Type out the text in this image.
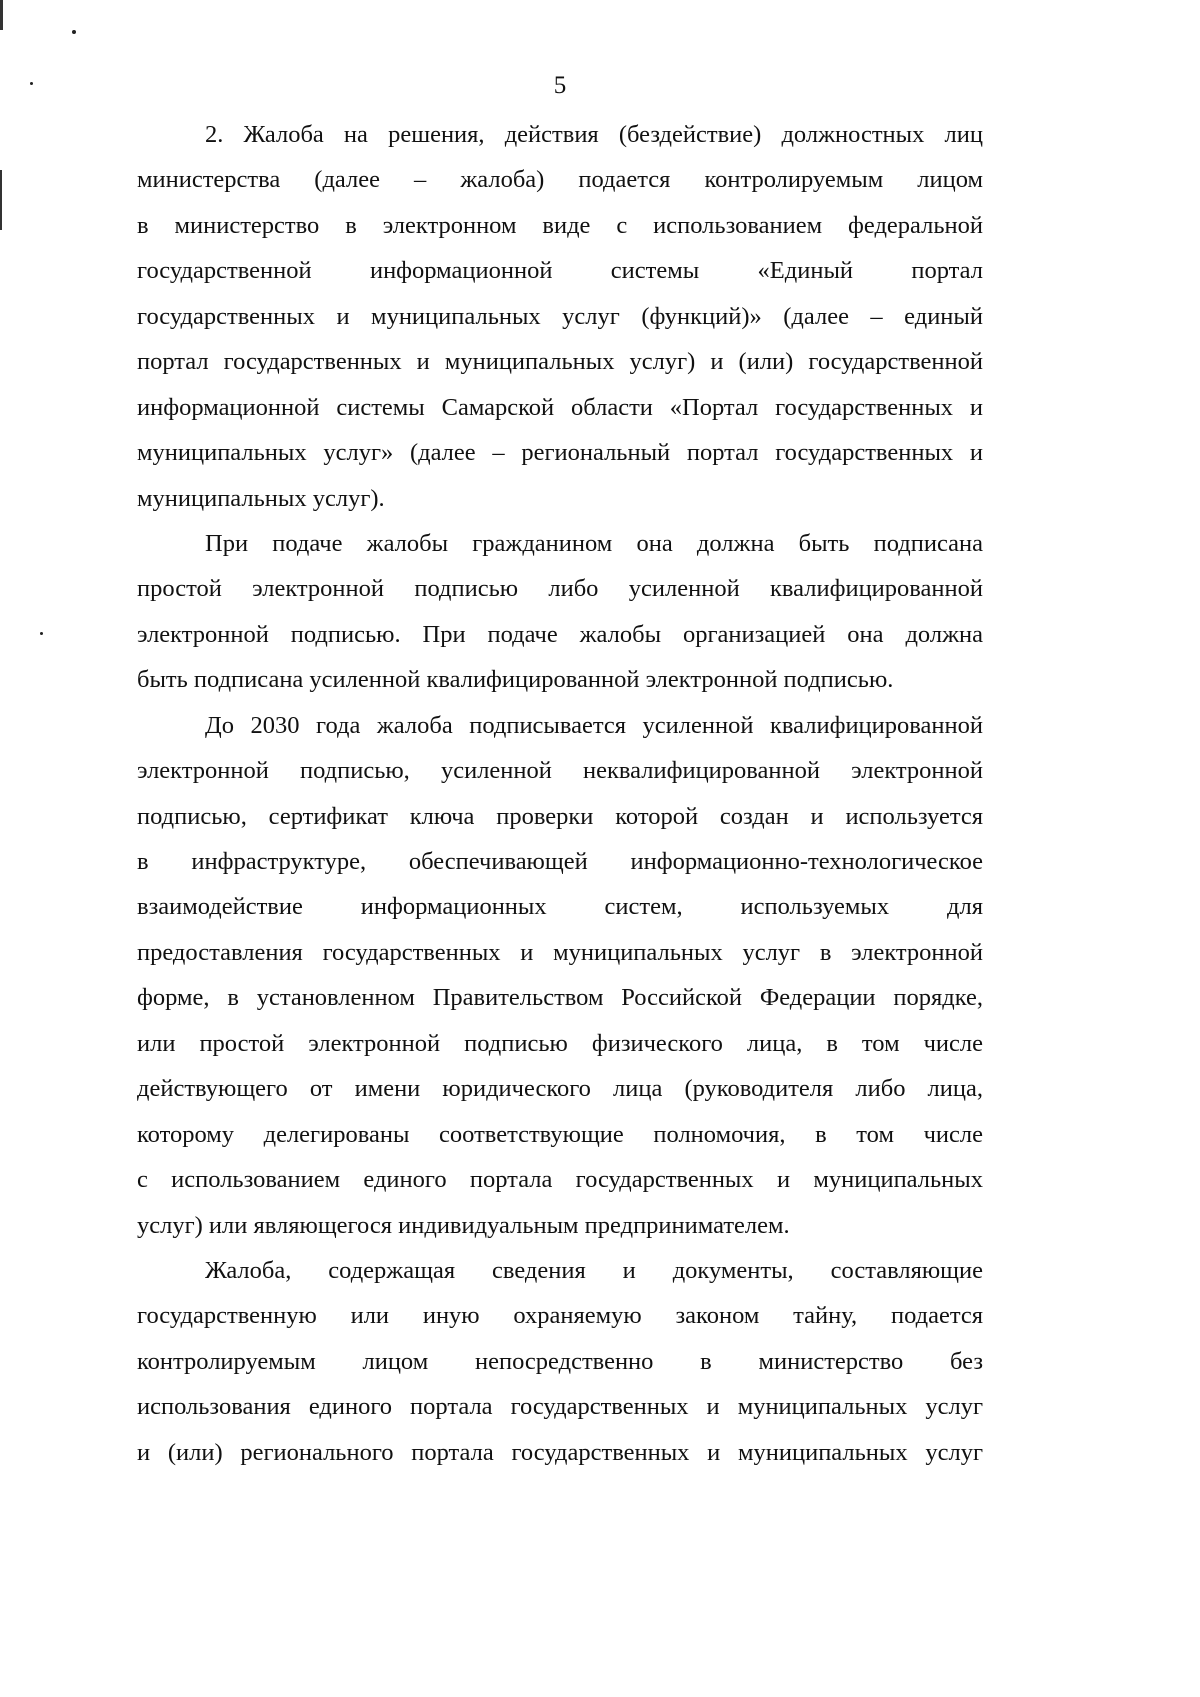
5
2. Жалоба на решения, действия (бездействие) должностных лиц
министерства (далее – жалоба) подается контролируемым лицом
в министерство в электронном виде с использованием федеральной
государственной информационной системы «Единый портал
государственных и муниципальных услуг (функций)» (далее – единый
портал государственных и муниципальных услуг) и (или) государственной
информационной системы Самарской области «Портал государственных и
муниципальных услуг» (далее – региональный портал государственных и
муниципальных услуг).
При подаче жалобы гражданином она должна быть подписана
простой электронной подписью либо усиленной квалифицированной
электронной подписью. При подаче жалобы организацией она должна
быть подписана усиленной квалифицированной электронной подписью.
До 2030 года жалоба подписывается усиленной квалифицированной
электронной подписью, усиленной неквалифицированной электронной
подписью, сертификат ключа проверки которой создан и используется
в инфраструктуре, обеспечивающей информационно-технологическое
взаимодействие информационных систем, используемых для
предоставления государственных и муниципальных услуг в электронной
форме, в установленном Правительством Российской Федерации порядке,
или простой электронной подписью физического лица, в том числе
действующего от имени юридического лица (руководителя либо лица,
которому делегированы соответствующие полномочия, в том числе
с использованием единого портала государственных и муниципальных
услуг) или являющегося индивидуальным предпринимателем.
Жалоба, содержащая сведения и документы, составляющие
государственную или иную охраняемую законом тайну, подается
контролируемым лицом непосредственно в министерство без
использования единого портала государственных и муниципальных услуг
и (или) регионального портала государственных и муниципальных услуг
